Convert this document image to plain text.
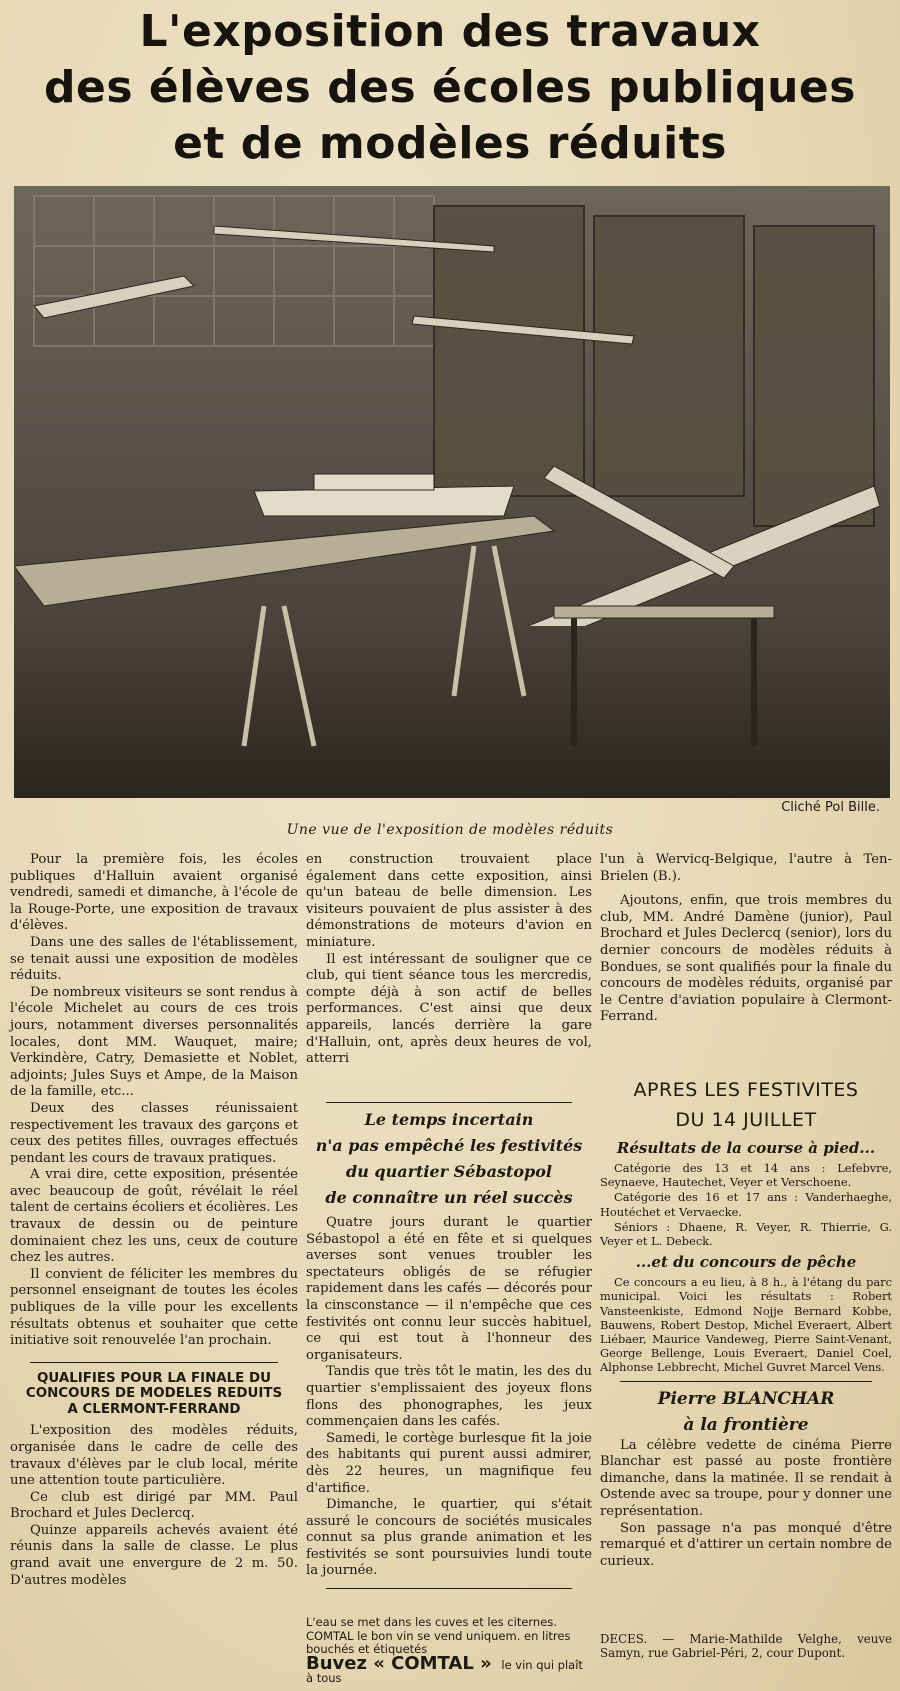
L'exposition des travaux
des élèves des écoles publiques
et de modèles réduits
Cliché Pol Bille.
Une vue de l'exposition de modèles réduits

Pour la première fois, les écoles publiques d'Halluin avaient organisé vendredi, samedi et dimanche, à l'école de la Rouge-Porte, une exposition de travaux d'élèves.

Dans une des salles de l'établissement, se tenait aussi une exposition de modèles réduits.

De nombreux visiteurs se sont rendus à l'école Michelet au cours de ces trois jours, notamment diverses personnalités locales, dont MM. Wauquet, maire; Verkindère, Catry, Demasiette et Noblet, adjoints; Jules Suys et Ampe, de la Maison de la famille, etc...

Deux des classes réunissaient respectivement les travaux des garçons et ceux des petites filles, ouvrages effectués pendant les cours de travaux pratiques.

A vrai dire, cette exposition, présentée avec beaucoup de goût, révélait le réel talent de certains écoliers et écolières. Les travaux de dessin ou de peinture dominaient chez les uns, ceux de couture chez les autres.

Il convient de féliciter les membres du personnel enseignant de toutes les écoles publiques de la ville pour les excellents résultats obtenus et souhaiter que cette initiative soit renouvelée l'an prochain.

QUALIFIES POUR LA FINALE DU CONCOURS DE MODELES REDUITS A CLERMONT-FERRAND

L'exposition des modèles réduits, organisée dans le cadre de celle des travaux d'élèves par le club local, mérite une attention toute particulière.

Ce club est dirigé par MM. Paul Brochard et Jules Declercq.

Quinze appareils achevés avaient été réunis dans la salle de classe. Le plus grand avait une envergure de 2 m. 50. D'autres modèles

en construction trouvaient place également dans cette exposition, ainsi qu'un bateau de belle dimension. Les visiteurs pouvaient de plus assister à des démonstrations de moteurs d'avion en miniature.

Il est intéressant de souligner que ce club, qui tient séance tous les mercredis, compte déjà à son actif de belles performances. C'est ainsi que deux appareils, lancés derrière la gare d'Halluin, ont, après deux heures de vol, atterri

l'un à Wervicq-Belgique, l'autre à Ten-Brielen (B.).

Ajoutons, enfin, que trois membres du club, MM. André Damène (junior), Paul Brochard et Jules Declercq (senior), lors du dernier concours de modèles réduits à Bondues, se sont qualifiés pour la finale du concours de modèles réduits, organisé par le Centre d'aviation populaire à Clermont-Ferrand.

Le temps incertain
n'a pas empêché les festivités
du quartier Sébastopol
de connaître un réel succès

Quatre jours durant le quartier Sébastopol a été en fête et si quelques averses sont venues troubler les spectateurs obligés de se réfugier rapidement dans les cafés — décorés pour la cinsconstance — il n'empêche que ces festivités ont connu leur succès habituel, ce qui est tout à l'honneur des organisateurs.

Tandis que très tôt le matin, les des du quartier s'emplissaient des joyeux flons flons des phonographes, les jeux commençaien dans les cafés.

Samedi, le cortège burlesque fit la joie des habitants qui purent aussi admirer, dès 22 heures, un magnifique feu d'artifice.

Dimanche, le quartier, qui s'était assuré le concours de sociétés musicales connut sa plus grande animation et les festivités se sont poursuivies lundi toute la journée.

APRES LES FESTIVITES
DU 14 JUILLET
Résultats de la course à pied...

Catégorie des 13 et 14 ans : Lefebvre, Seynaeve, Hautechet, Veyer et Verschoene.

Catégorie des 16 et 17 ans : Vanderhaeghe, Houtéchet et Vervaecke.

Séniors : Dhaene, R. Veyer, R. Thierrie, G. Veyer et L. Debeck.

...et du concours de pêche

Ce concours a eu lieu, à 8 h., à l'étang du parc municipal. Voici les résultats : Robert Vansteenkiste, Edmond Nojje Bernard Kobbe, Bauwens, Robert Destop, Michel Everaert, Albert Liébaer, Maurice Vandeweg, Pierre Saint-Venant, George Bellenge, Louis Everaert, Daniel Coel, Alphonse Lebbrecht, Michel Guvret Marcel Vens.

Pierre BLANCHAR
à la frontière

La célèbre vedette de cinéma Pierre Blanchar est passé au poste frontière dimanche, dans la matinée. Il se rendait à Ostende avec sa troupe, pour y donner une représentation.

Son passage n'a pas monqué d'être remarqué et d'attirer un certain nombre de curieux.

L'eau se met dans les cuves et les citernes. COMTAL le bon vin se vend uniquem. en litres bouchés et étiquetés
Buvez « COMTAL » le vin qui plaît à tous
DECES. — Marie-Mathilde Velghe, veuve Samyn, rue Gabriel-Péri, 2, cour Dupont.
